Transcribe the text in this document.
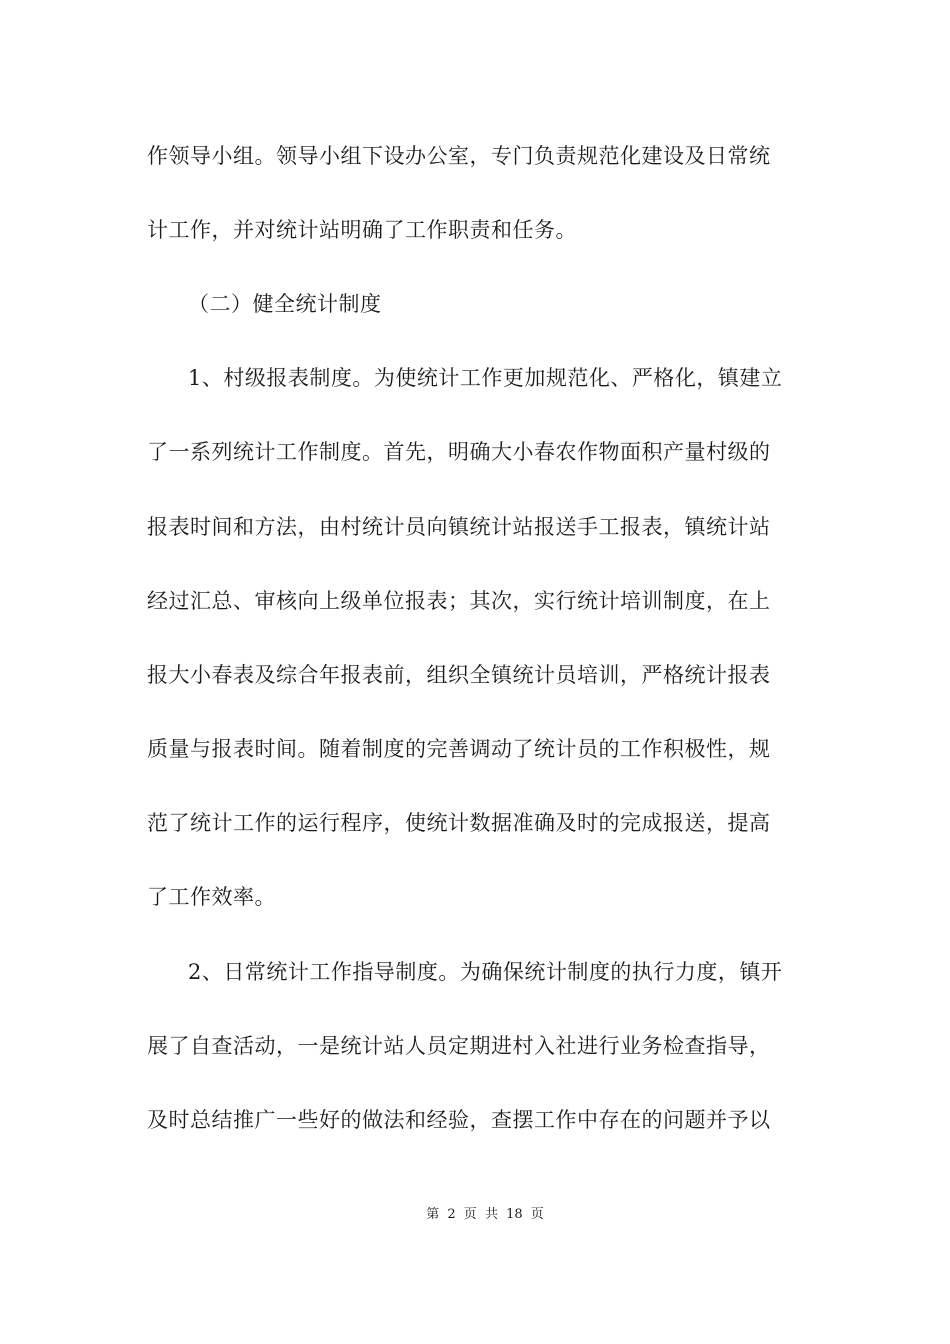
作领导小组。领导小组下设办公室，专门负责规范化建设及日常统
计工作，并对统计站明确了工作职责和任务。
（二）健全统计制度
1、村级报表制度。为使统计工作更加规范化、严格化，镇建立
了一系列统计工作制度。首先，明确大小春农作物面积产量村级的
报表时间和方法，由村统计员向镇统计站报送手工报表，镇统计站
经过汇总、审核向上级单位报表；其次，实行统计培训制度，在上
报大小春表及综合年报表前，组织全镇统计员培训，严格统计报表
质量与报表时间。随着制度的完善调动了统计员的工作积极性，规
范了统计工作的运行程序，使统计数据准确及时的完成报送，提高
了工作效率。
2、日常统计工作指导制度。为确保统计制度的执行力度，镇开
展了自查活动，一是统计站人员定期进村入社进行业务检查指导，
及时总结推广一些好的做法和经验，查摆工作中存在的问题并予以
第 2 页 共 18 页
